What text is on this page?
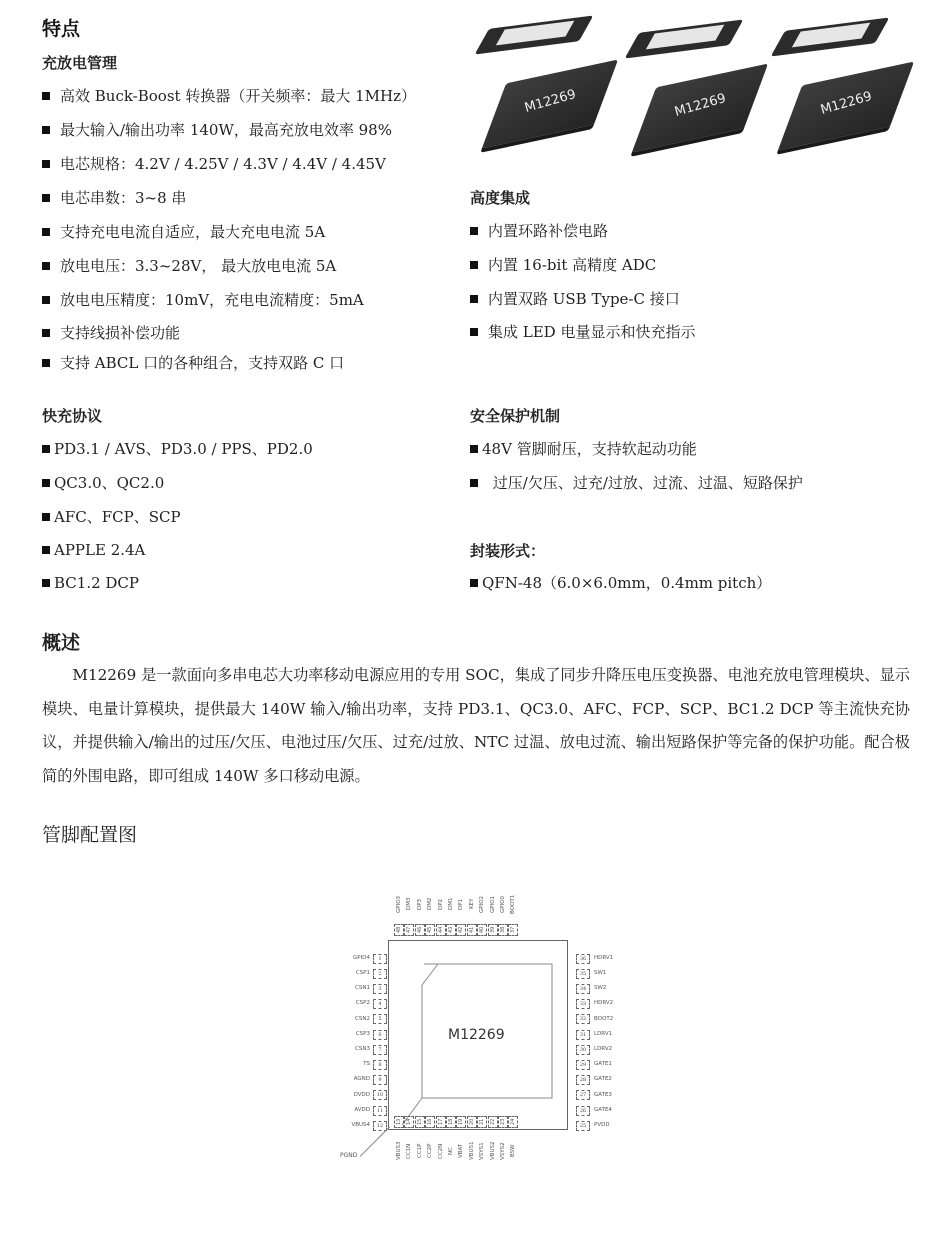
特点
充放电管理
高效 Buck-Boost 转换器（开关频率：最大 1MHz）
最大输入/输出功率 140W，最高充放电效率 98%
电芯规格：4.2V / 4.25V / 4.3V / 4.4V / 4.45V
电芯串数：3~8 串
支持充电电流自适应，最大充电电流 5A
放电电压：3.3~28V， 最大放电电流 5A
放电电压精度：10mV，充电电流精度：5mA
支持线损补偿功能
支持 ABCL 口的各种组合，支持双路 C 口
M12269	M12269	M12269
高度集成
内置环路补偿电路
内置 16-bit 高精度 ADC
内置双路 USB Type-C 接口
集成 LED 电量显示和快充指示
快充协议
PD3.1 / AVS、PD3.0 / PPS、PD2.0
QC3.0、QC2.0
AFC、FCP、SCP
APPLE 2.4A
BC1.2 DCP
安全保护机制
48V 管脚耐压，支持软起动功能
过压/欠压、过充/过放、过流、过温、短路保护
封装形式：
QFN-48（6.0×6.0mm，0.4mm pitch）
概述

M12269 是一款面向多串电芯大功率移动电源应用的专用 SOC，集成了同步升降压电压变换器、电池充放电管理模块、显示模块、电量计算模块，提供最大 140W 输入/输出功率，支持 PD3.1、QC3.0、AFC、FCP、SCP、BC1.2 DCP 等主流快充协议，并提供输入/输出的过压/欠压、电池过压/欠压、过充/过放、NTC 过温、放电过流、输出短路保护等完备的保护功能。配合极简的外围电路，即可组成 140W 多口移动电源。

管脚配置图
M12269
GPIO4 1
CSP1 2
CSN1 3
CSP2 4
CSN2 5
CSP3 6
CSN3 7
TS 8
AGND 9
DVDD 10
AVDD 11
VBUS4 12
36 HDRV1
35 SW1
34 SW2
33 HDRV2
32 BOOT2
31 LDRV1
30 LDRV2
29 GATE1
28 GATE2
27 GATE3
26 GATE4
25 PVDD
GPIO3
48
DM3
47
DP3
46
DM2
45
DP2
44
DM1
43
DP1
42
KEY
41
GPIO2
40
GPIO1
39
GPIO0
38
BOOT1
37
13
VBUS3
14
CC1N
15
CC1P
16
CC2P
17
CC2N
18
NC
19
VBAT
20
VBUS1
21
VSYS1
22
VBUS2
23
VSYS2
24
BSW
PGND
